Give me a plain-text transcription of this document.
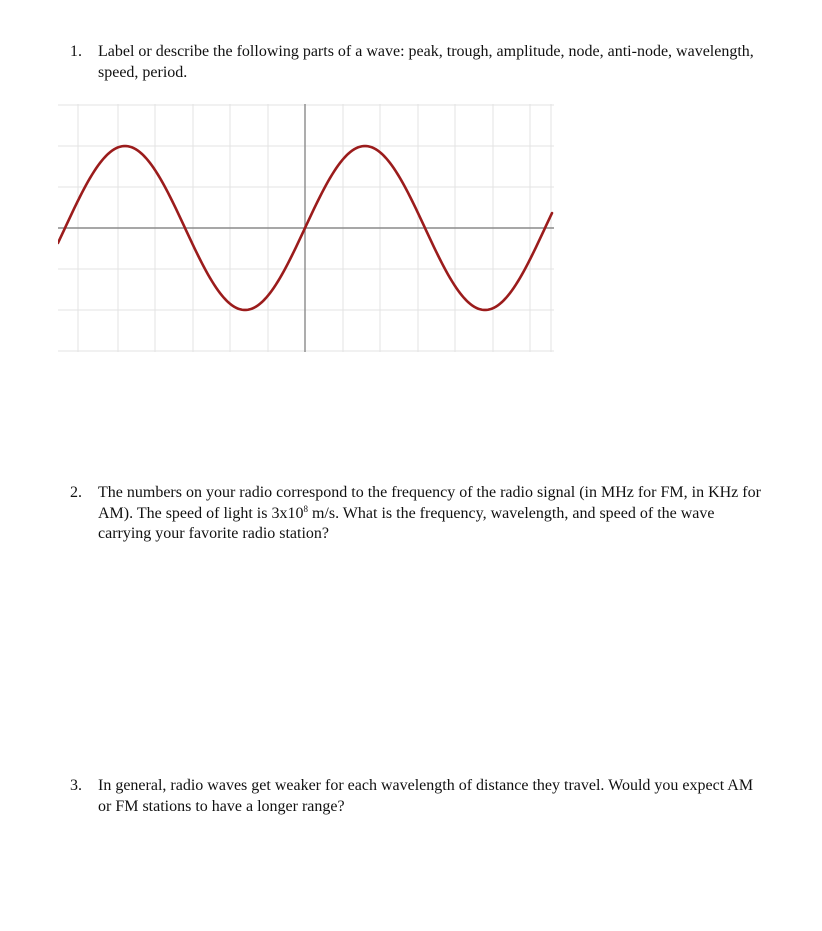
1.	Label or describe the following parts of a wave: peak, trough, amplitude, node, anti-node, wavelength, speed, period.
2.	The numbers on your radio correspond to the frequency of the radio signal (in MHz for FM, in KHz for AM). The speed of light is $3x10^8$ m/s. What is the frequency, wavelength, and speed of the wave carrying your favorite radio station?
3.	In general, radio waves get weaker for each wavelength of distance they travel. Would you expect AM or FM stations to have a longer range?
